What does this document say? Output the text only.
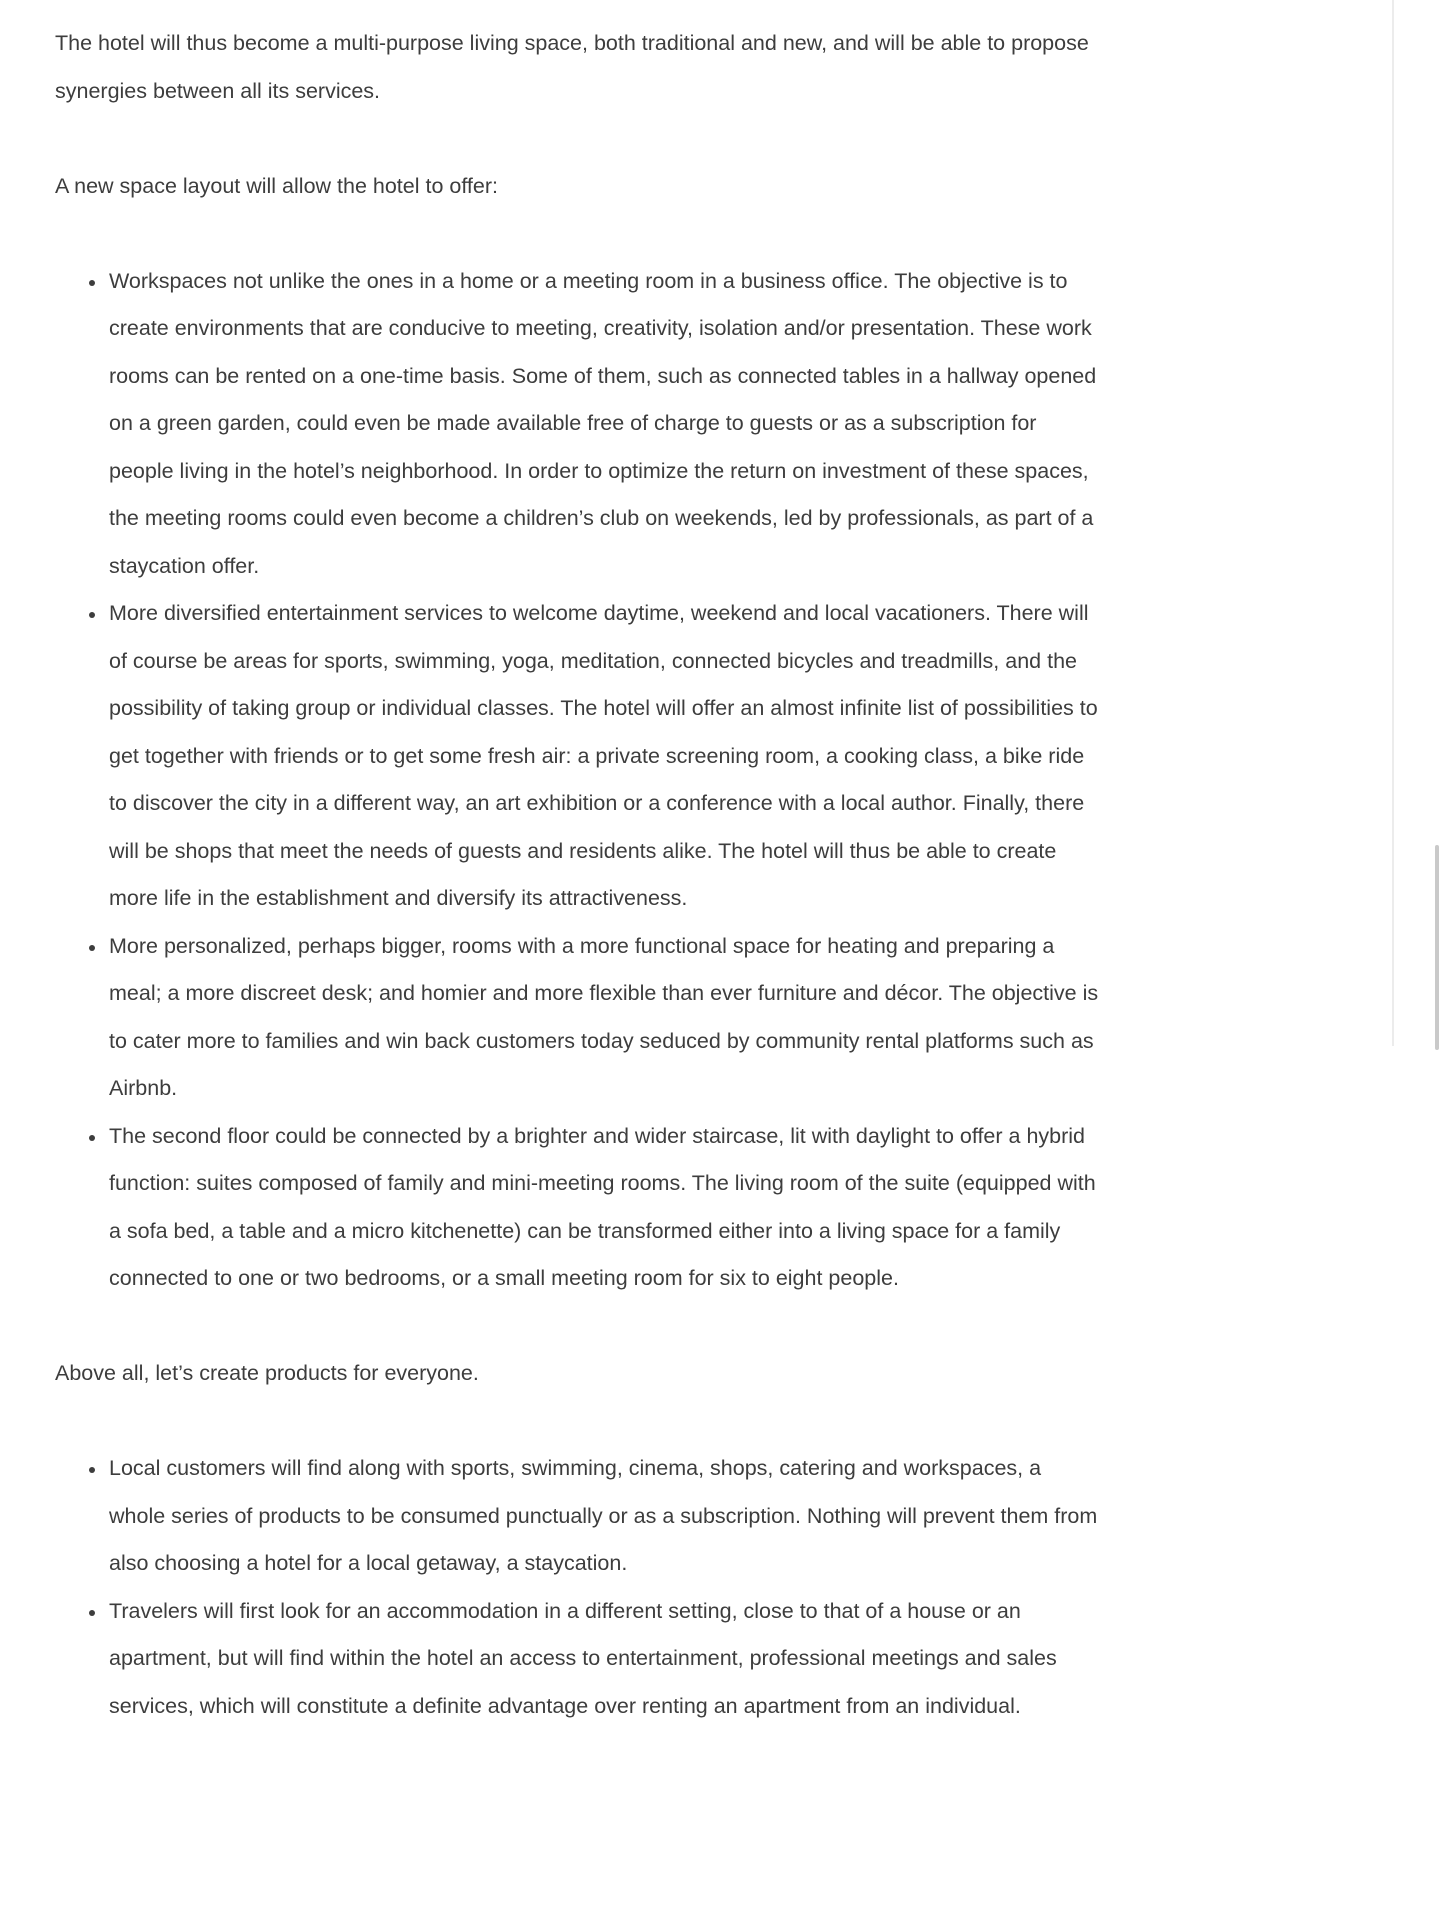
The hotel will thus become a multi-purpose living space, both traditional and new, and will be able to propose synergies between all its services.

A new space layout will allow the hotel to offer:

• Workspaces not unlike the ones in a home or a meeting room in a business office. The objective is to create environments that are conducive to meeting, creativity, isolation and/or presentation. These work rooms can be rented on a one-time basis. Some of them, such as connected tables in a hallway opened on a green garden, could even be made available free of charge to guests or as a subscription for people living in the hotel’s neighborhood. In order to optimize the return on investment of these spaces, the meeting rooms could even become a children’s club on weekends, led by professionals, as part of a staycation offer.
• More diversified entertainment services to welcome daytime, weekend and local vacationers. There will of course be areas for sports, swimming, yoga, meditation, connected bicycles and treadmills, and the possibility of taking group or individual classes. The hotel will offer an almost infinite list of possibilities to get together with friends or to get some fresh air: a private screening room, a cooking class, a bike ride to discover the city in a different way, an art exhibition or a conference with a local author. Finally, there will be shops that meet the needs of guests and residents alike. The hotel will thus be able to create more life in the establishment and diversify its attractiveness.
• More personalized, perhaps bigger, rooms with a more functional space for heating and preparing a meal; a more discreet desk; and homier and more flexible than ever furniture and décor. The objective is to cater more to families and win back customers today seduced by community rental platforms such as Airbnb.
• The second floor could be connected by a brighter and wider staircase, lit with daylight to offer a hybrid function: suites composed of family and mini-meeting rooms. The living room of the suite (equipped with a sofa bed, a table and a micro kitchenette) can be transformed either into a living space for a family connected to one or two bedrooms, or a small meeting room for six to eight people.

Above all, let’s create products for everyone.

• Local customers will find along with sports, swimming, cinema, shops, catering and workspaces, a whole series of products to be consumed punctually or as a subscription. Nothing will prevent them from also choosing a hotel for a local getaway, a staycation.
• Travelers will first look for an accommodation in a different setting, close to that of a house or an apartment, but will find within the hotel an access to entertainment, professional meetings and sales services, which will constitute a definite advantage over renting an apartment from an individual.
